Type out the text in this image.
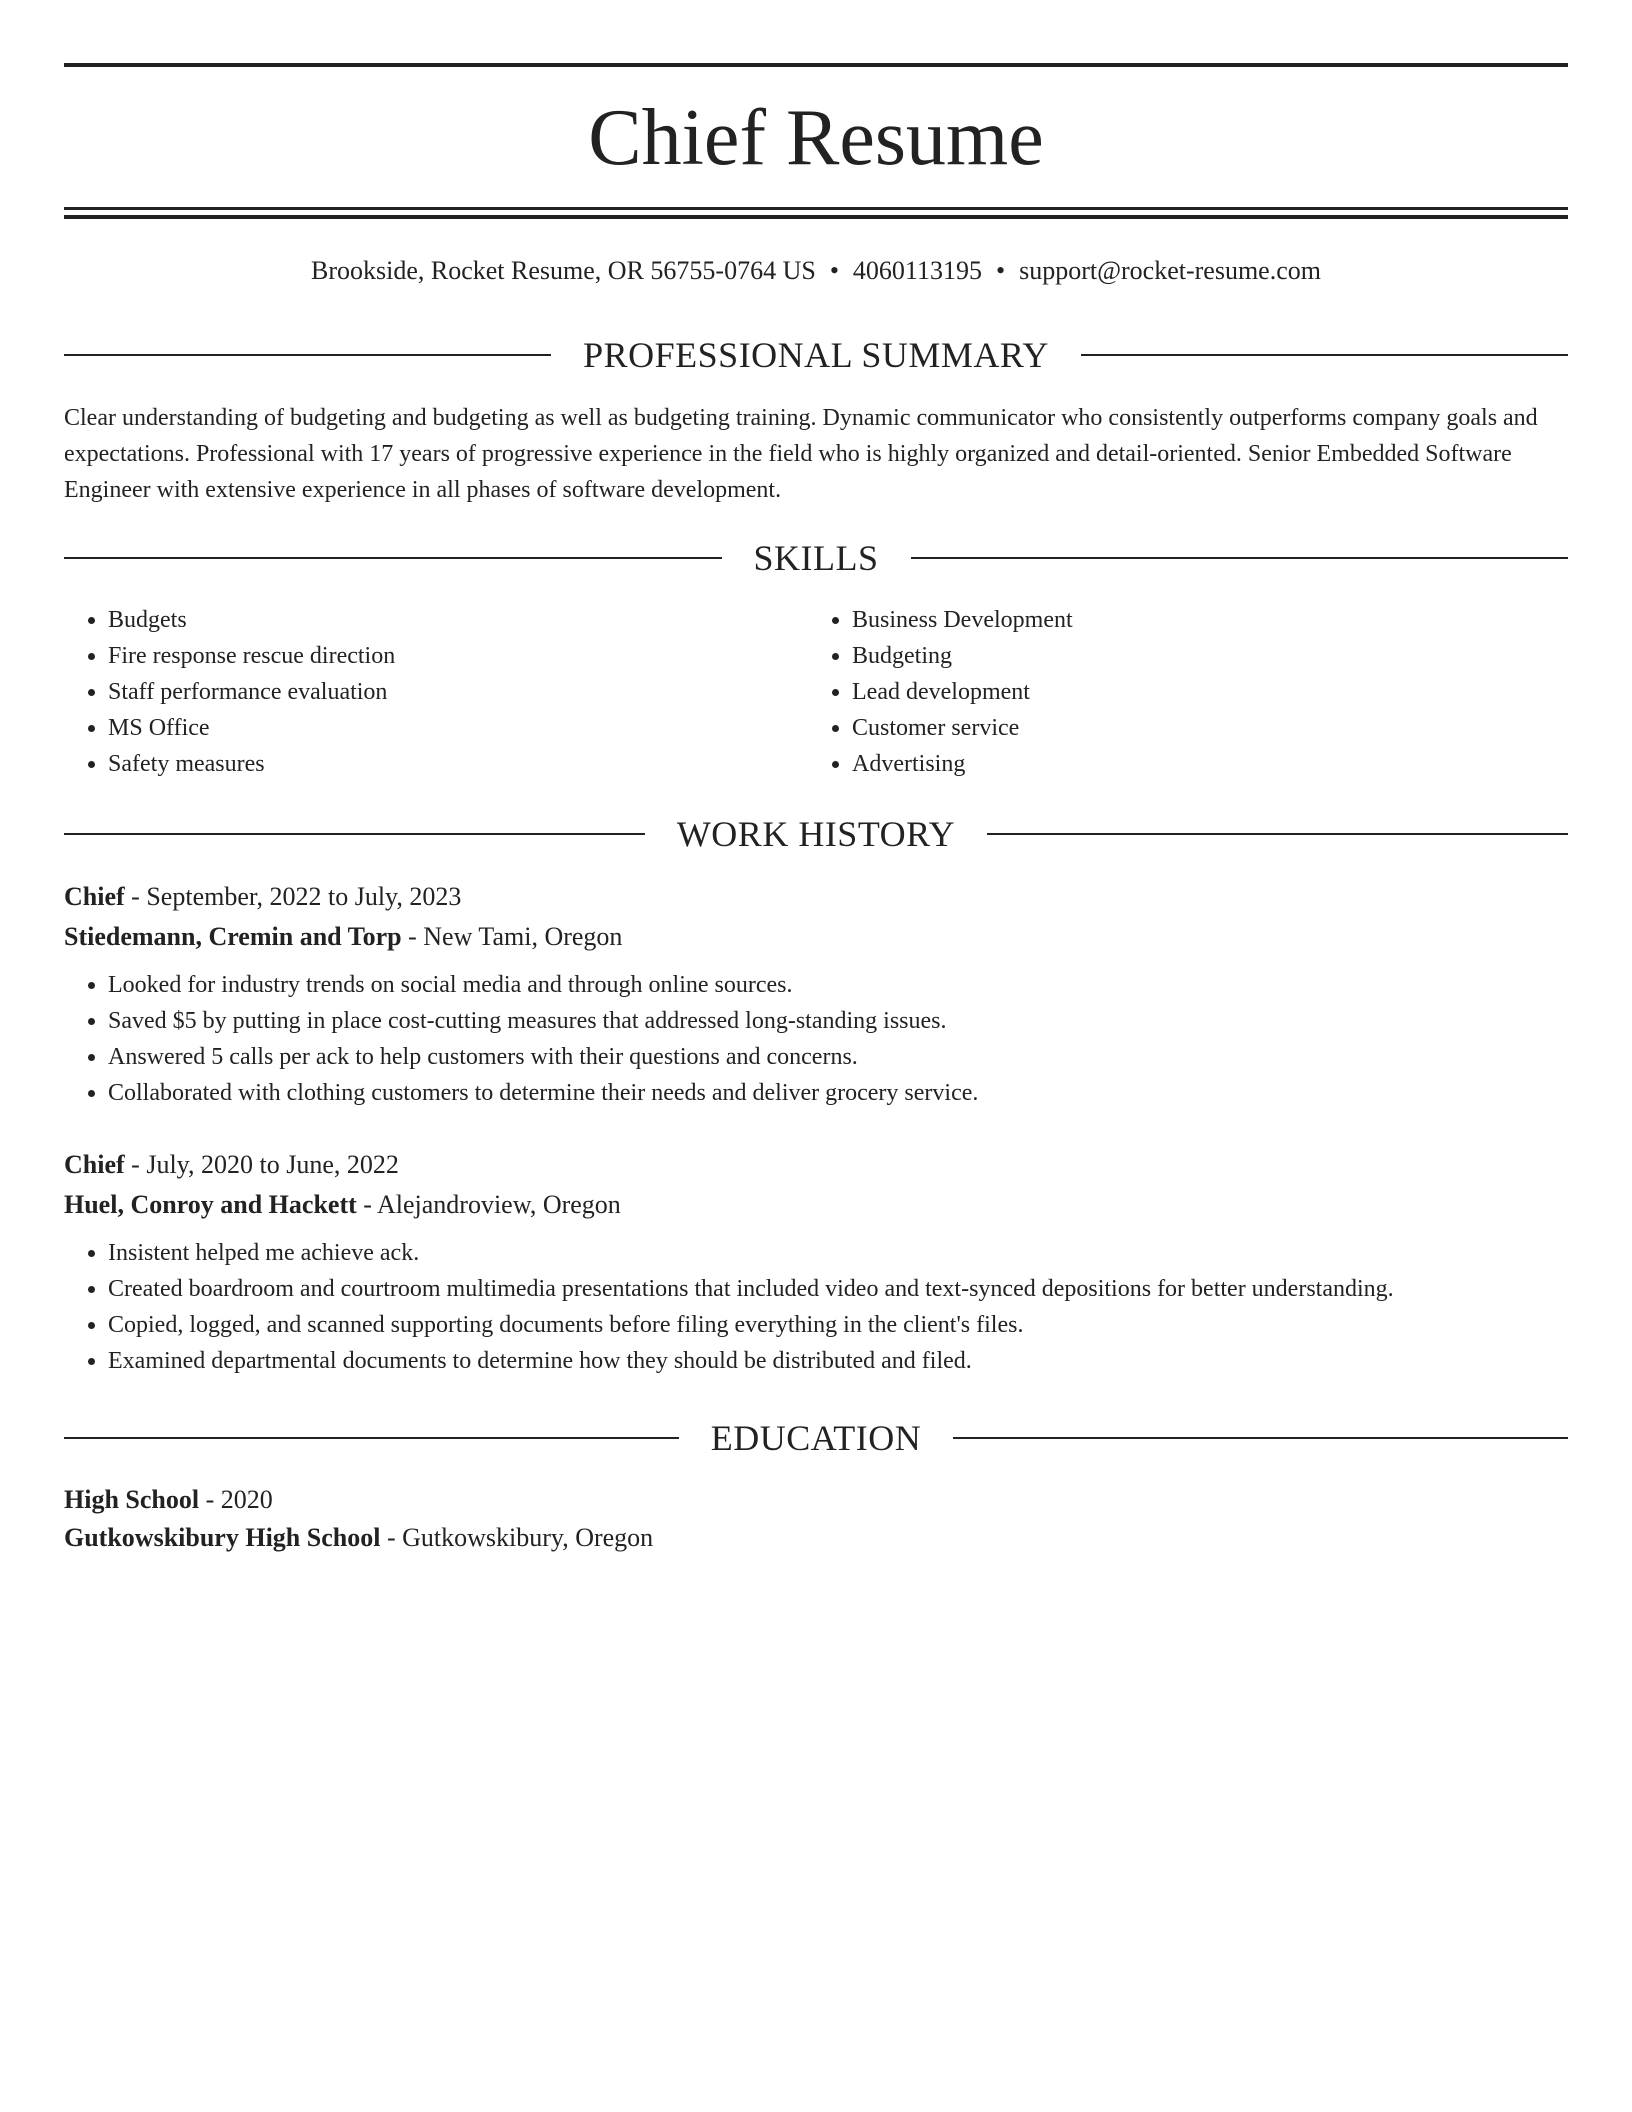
Chief Resume
Brookside, Rocket Resume, OR 56755-0764 US • 4060113195 • support@rocket-resume.com
PROFESSIONAL SUMMARY

Clear understanding of budgeting and budgeting as well as budgeting training. Dynamic communicator who consistently outperforms company goals and expectations. Professional with 17 years of progressive experience in the field who is highly organized and detail-oriented. Senior Embedded Software Engineer with extensive experience in all phases of software development.

SKILLS
• Budgets
• Fire response rescue direction
• Staff performance evaluation
• MS Office
• Safety measures
• Business Development
• Budgeting
• Lead development
• Customer service
• Advertising
WORK HISTORY
Chief - September, 2022 to July, 2023
Stiedemann, Cremin and Torp - New Tami, Oregon
• Looked for industry trends on social media and through online sources.
• Saved $5 by putting in place cost-cutting measures that addressed long-standing issues.
• Answered 5 calls per ack to help customers with their questions and concerns.
• Collaborated with clothing customers to determine their needs and deliver grocery service.
Chief - July, 2020 to June, 2022
Huel, Conroy and Hackett - Alejandroview, Oregon
• Insistent helped me achieve ack.
• Created boardroom and courtroom multimedia presentations that included video and text-synced depositions for better understanding.
• Copied, logged, and scanned supporting documents before filing everything in the client's files.
• Examined departmental documents to determine how they should be distributed and filed.
EDUCATION
High School - 2020
Gutkowskibury High School - Gutkowskibury, Oregon
